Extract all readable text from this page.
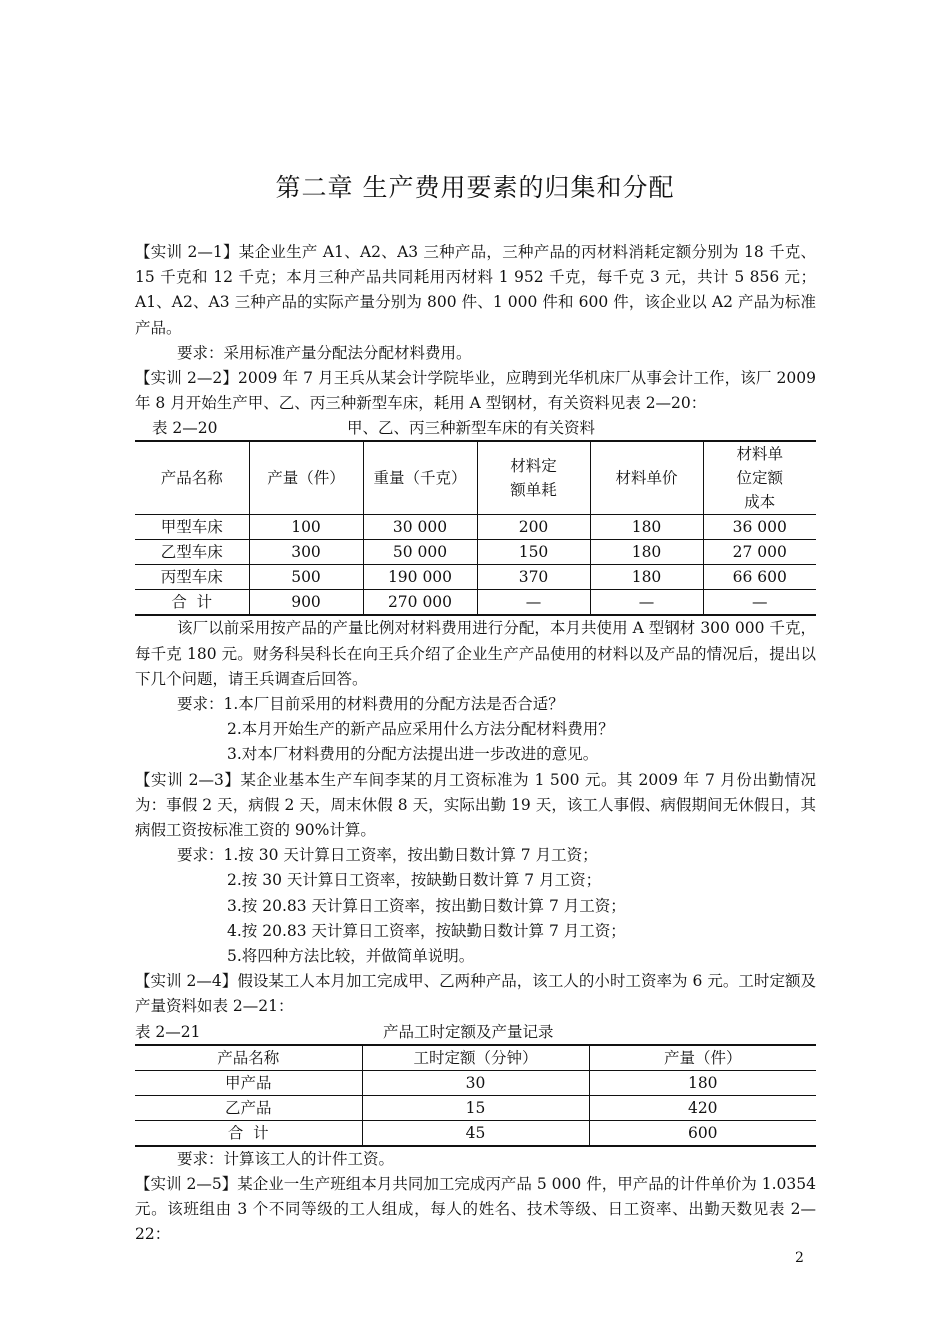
第二章 生产费用要素的归集和分配

【实训 2—1】某企业生产 A1、A2、A3 三种产品，三种产品的丙材料消耗定额分别为 18 千克、15 千克和 12 千克；本月三种产品共同耗用丙材料 1 952 千克，每千克 3 元，共计 5 856 元；A1、A2、A3 三种产品的实际产量分别为 800 件、1 000 件和 600 件，该企业以 A2 产品为标准产品。

要求：采用标准产量分配法分配材料费用。

【实训 2—2】2009 年 7 月王兵从某会计学院毕业，应聘到光华机床厂从事会计工作，该厂 2009 年 8 月开始生产甲、乙、丙三种新型车床，耗用 A 型钢材，有关资料见表 2—20：

表 2—20	甲、乙、丙三种新型车床的有关资料
产品名称	产量（件）	重量（千克）	材料定额单耗	材料单价	材料单位定额成本
甲型车床	100	30 000	200	180	36 000
乙型车床	300	50 000	150	180	27 000
丙型车床	500	190 000	370	180	66 600
合  计	900	270 000	—	—	—

该厂以前采用按产品的产量比例对材料费用进行分配，本月共使用 A 型钢材 300 000 千克，每千克 180 元。财务科吴科长在向王兵介绍了企业生产产品使用的材料以及产品的情况后，提出以下几个问题，请王兵调查后回答。

要求：1.本厂目前采用的材料费用的分配方法是否合适？

2.本月开始生产的新产品应采用什么方法分配材料费用？

3.对本厂材料费用的分配方法提出进一步改进的意见。

【实训 2—3】某企业基本生产车间李某的月工资标准为 1 500 元。其 2009 年 7 月份出勤情况为：事假 2 天，病假 2 天，周末休假 8 天，实际出勤 19 天，该工人事假、病假期间无休假日，其病假工资按标准工资的 90%计算。

要求：1.按 30 天计算日工资率，按出勤日数计算 7 月工资；

2.按 30 天计算日工资率，按缺勤日数计算 7 月工资；

3.按 20.83 天计算日工资率，按出勤日数计算 7 月工资；

4.按 20.83 天计算日工资率，按缺勤日数计算 7 月工资；

5.将四种方法比较，并做简单说明。

【实训 2—4】假设某工人本月加工完成甲、乙两种产品，该工人的小时工资率为 6 元。工时定额及产量资料如表 2—21：

表 2—21	产品工时定额及产量记录
产品名称	工时定额（分钟）	产量（件）
甲产品	30	180
乙产品	15	420
合  计	45	600

要求：计算该工人的计件工资。

【实训 2—5】某企业一生产班组本月共同加工完成丙产品 5 000 件，甲产品的计件单价为 1.0354 元。该班组由 3 个不同等级的工人组成，每人的姓名、技术等级、日工资率、出勤天数见表 2—22：

2
